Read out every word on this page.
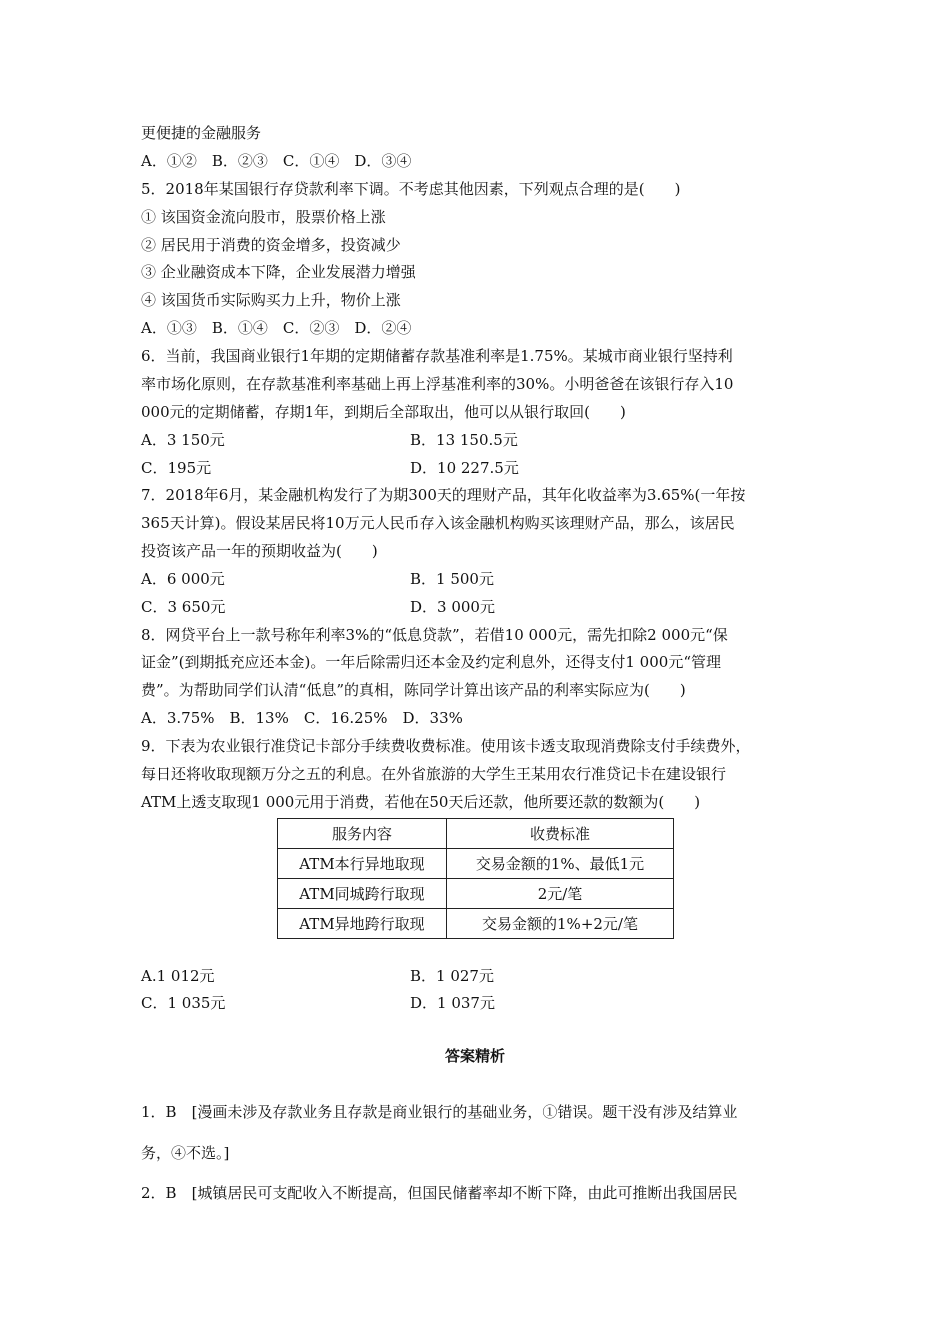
更便捷的金融服务
A．①②　B．②③　C．①④　D．③④
5．2018年某国银行存贷款利率下调。不考虑其他因素，下列观点合理的是(　　)
① 该国资金流向股市，股票价格上涨
② 居民用于消费的资金增多，投资减少
③ 企业融资成本下降，企业发展潜力增强
④ 该国货币实际购买力上升，物价上涨
A．①③　B．①④　C．②③　D．②④
6．当前，我国商业银行1年期的定期储蓄存款基准利率是1.75%。某城市商业银行坚持利
率市场化原则，在存款基准利率基础上再上浮基准利率的30%。小明爸爸在该银行存入10
000元的定期储蓄，存期1年，到期后全部取出，他可以从银行取回(　　)
A．3 150元	B．13 150.5元
C．195元	D．10 227.5元
7．2018年6月，某金融机构发行了为期300天的理财产品，其年化收益率为3.65%(一年按
365天计算)。假设某居民将10万元人民币存入该金融机构购买该理财产品，那么，该居民
投资该产品一年的预期收益为(　　)
A．6 000元	B．1 500元
C．3 650元	D．3 000元
8．网贷平台上一款号称年利率3%的“低息贷款”，若借10 000元，需先扣除2 000元“保
证金”(到期抵充应还本金)。一年后除需归还本金及约定利息外，还得支付1 000元“管理
费”。为帮助同学们认清“低息”的真相，陈同学计算出该产品的利率实际应为(　　)
A．3.75%　B．13%　C．16.25%　D．33%
9．下表为农业银行准贷记卡部分手续费收费标准。使用该卡透支取现消费除支付手续费外，
每日还将收取现额万分之五的利息。在外省旅游的大学生王某用农行准贷记卡在建设银行
ATM上透支取现1 000元用于消费，若他在50天后还款，他所要还款的数额为(　　)
服务内容	收费标准
ATM本行异地取现	交易金额的1%、最低1元
ATM同城跨行取现	2元/笔
ATM异地跨行取现	交易金额的1%+2元/笔
A.1 012元	B．1 027元
C．1 035元	D．1 037元
答案精析
1．B　[漫画未涉及存款业务且存款是商业银行的基础业务，①错误。题干没有涉及结算业
务，④不选。]
2．B　[城镇居民可支配收入不断提高，但国民储蓄率却不断下降，由此可推断出我国居民
